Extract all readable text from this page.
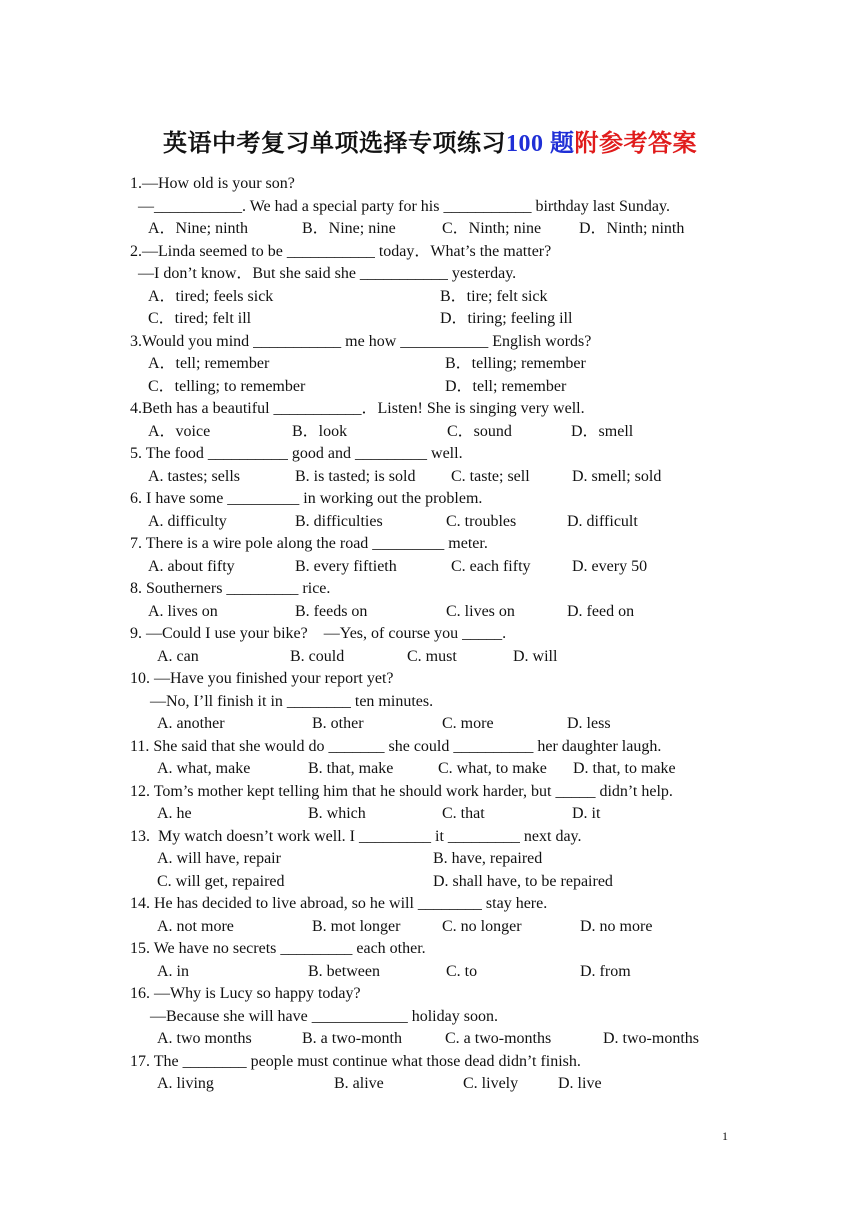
英语中考复习单项选择专项练习100 题附参考答案
1.—How old is your son?
—___________. We had a special party for his ___________ birthday last Sunday.

A．Nine; ninth

	B．Nine; nine

	C．Ninth; nine

D．Ninth; ninth

2.—Linda seemed to be ___________ today．What’s the matter?
—I don’t know．But she said she ___________ yesterday.

A．tired; feels sick

	B．tire; felt sick

C．tired; felt ill

	D．tiring; feeling ill

3.Would you mind ___________ me how ___________ English words?

A．tell; remember

	B．telling; remember

C．telling; to remember

	D．tell; remember

4.Beth has a beautiful ___________．Listen! She is singing very well.

A．voice

	B．look

	C．sound

	D．smell

5. The food __________ good and _________ well.

A. tastes; sells

	B. is tasted; is sold

C. taste; sell

	D. smell; sold

6. I have some _________ in working out the problem.

A. difficulty

	B. difficulties

	C. troubles

	D. difficult

7. There is a wire pole along the road _________ meter.

A. about fifty

	B. every fiftieth

	C. each fifty

	D. every 50

8. Southerners _________ rice.

A. lives on

	B. feeds on

	C. lives on

	D. feed on

9. —Could I use your bike?    —Yes, of course you _____.

A. can

	B. could

	C. must

	D. will

10. —Have you finished your report yet?
—No, I’ll finish it in ________ ten minutes.

A. another

	B. other

	C. more

	D. less

11. She said that she would do _______ she could __________ her daughter laugh.

A. what, make

	B. that, make

	C. what, to make

D. that, to make

12. Tom’s mother kept telling him that he should work harder, but _____ didn’t help.

A. he

	B. which

	C. that

	D. it

13.  My watch doesn’t work well. I _________ it _________ next day.

A. will have, repair

	B. have, repaired

C. will get, repaired

	D. shall have, to be repaired

14. He has decided to live abroad, so he will ________ stay here.

A. not more

	B. mot longer

	C. no longer

	D. no more

15. We have no secrets _________ each other.

A. in

	B. between

	C. to

	D. from

16. —Why is Lucy so happy today?
—Because she will have ____________ holiday soon.

A. two months

	B. a two-month

	C. a two-months

	D. two-months

17. The ________ people must continue what those dead didn’t finish.

A. living

	B. alive

	C. lively

D. live

1
